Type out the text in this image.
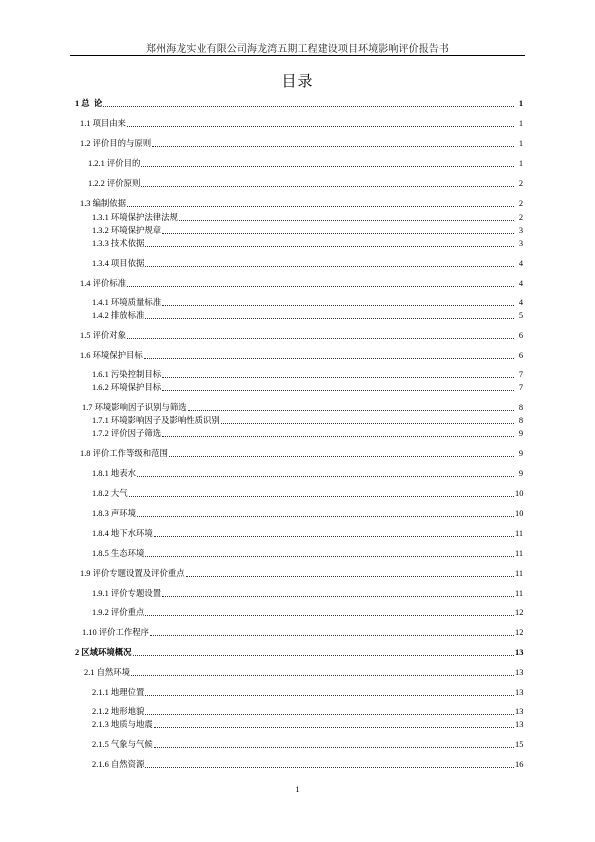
郑州海龙实业有限公司海龙湾五期工程建设项目环境影响评价报告书
目录
1 总  论	1
1.1 项目由来	1
1.2 评价目的与原则	1
1.2.1 评价目的	1
1.2.2 评价原则	2
1.3 编制依据	2
1.3.1 环境保护法律法规	2
1.3.2 环境保护规章	3
1.3.3 技术依据	3
1.3.4 项目依据	4
1.4 评价标准	4
1.4.1 环境质量标准	4
1.4.2 排放标准	5
1.5 评价对象	6
1.6 环境保护目标	6
1.6.1 污染控制目标	7
1.6.2 环境保护目标	7
1.7 环境影响因子识别与筛选	8
1.7.1 环境影响因子及影响性质识别	8
1.7.2 评价因子筛选	9
1.8 评价工作等级和范围	9
1.8.1 地表水	9
1.8.2 大气	10
1.8.3 声环境	10
1.8.4 地下水环境	11
1.8.5 生态环境	11
1.9 评价专题设置及评价重点	11
1.9.1 评价专题设置	11
1.9.2 评价重点	12
1.10 评价工作程序	12
2 区域环境概况	13
2.1 自然环境	13
2.1.1 地理位置	13
2.1.2 地形地貌	13
2.1.3 地质与地震	13
2.1.5 气象与气候	15
2.1.6 自然资源	16
1
